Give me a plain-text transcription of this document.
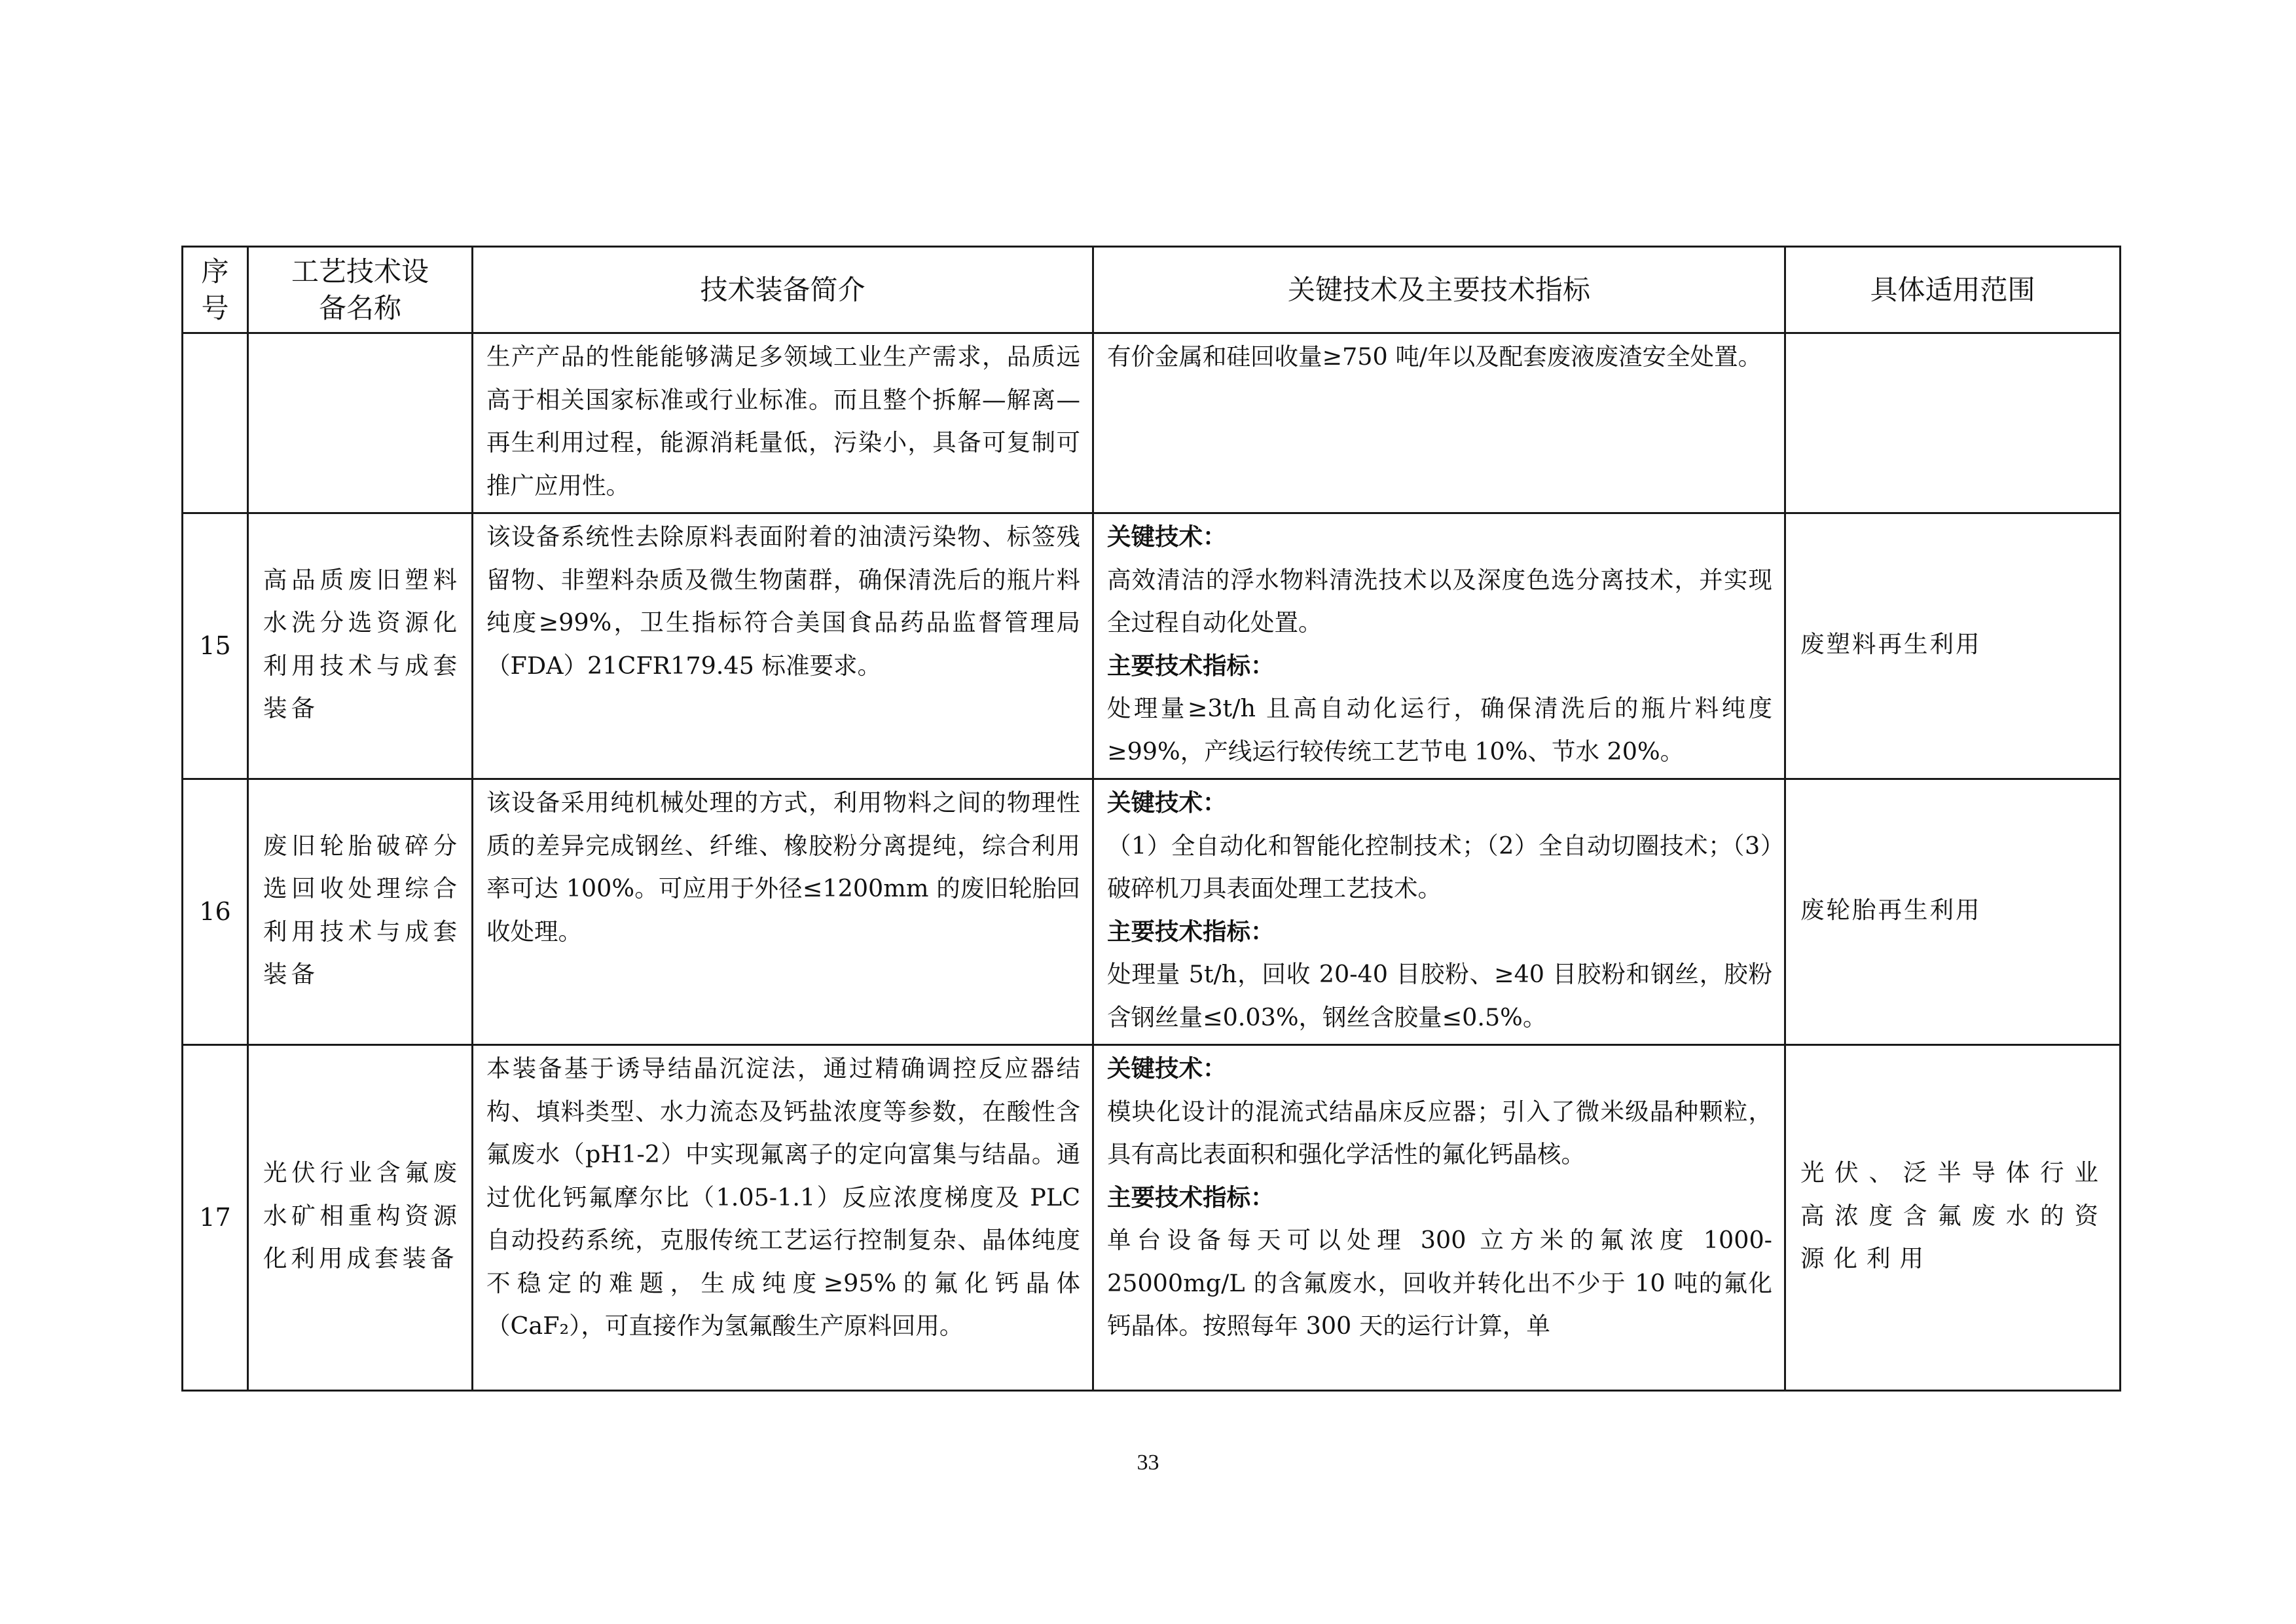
序
号	工艺技术设
备名称	技术装备简介	关键技术及主要技术指标	具体适用范围
		生产产品的性能能够满足多领域工业生产需求，品质远高于相关国家标准或行业标准。而且整个拆解—解离—再生利用过程，能源消耗量低，污染小，具备可复制可推广应用性。	有价金属和硅回收量≥750 吨/年以及配套废液废渣安全处置。	

15	高品质废旧塑料水洗分选资源化利用技术与成套装备	该设备系统性去除原料表面附着的油渍污染物、标签残留物、非塑料杂质及微生物菌群，确保清洗后的瓶片料纯度≥99%，卫生指标符合美国食品药品监督管理局（FDA）21CFR179.45 标准要求。	关键技术：
高效清洁的浮水物料清洗技术以及深度色选分离技术，并实现全过程自动化处置。
主要技术指标：
处理量≥3t/h 且高自动化运行，确保清洗后的瓶片料纯度≥99%，产线运行较传统工艺节电 10%、节水 20%。	废塑料再生利用
16	废旧轮胎破碎分选回收处理综合利用技术与成套装备	该设备采用纯机械处理的方式，利用物料之间的物理性质的差异完成钢丝、纤维、橡胶粉分离提纯，综合利用率可达 100%。可应用于外径≤1200mm 的废旧轮胎回收处理。	关键技术：
（1）全自动化和智能化控制技术；（2）全自动切圈技术；（3）破碎机刀具表面处理工艺技术。
主要技术指标：
处理量 5t/h，回收 20-40 目胶粉、≥40 目胶粉和钢丝，胶粉含钢丝量≤0.03%，钢丝含胶量≤0.5%。	废轮胎再生利用
17	光伏行业含氟废水矿相重构资源化利用成套装备	本装备基于诱导结晶沉淀法，通过精确调控反应器结构、填料类型、水力流态及钙盐浓度等参数，在酸性含氟废水（pH1-2）中实现氟离子的定向富集与结晶。通过优化钙氟摩尔比（1.05-1.1）反应浓度梯度及 PLC 自动投药系统，克服传统工艺运行控制复杂、晶体纯度不稳定的难题，生成纯度≥95%的氟化钙晶体（CaF₂），可直接作为氢氟酸生产原料回用。	关键技术：
模块化设计的混流式结晶床反应器；引入了微米级晶种颗粒，具有高比表面积和强化学活性的氟化钙晶核。
主要技术指标：
单台设备每天可以处理 300 立方米的氟浓度 1000-25000mg/L 的含氟废水，回收并转化出不少于 10 吨的氟化钙晶体。按照每年 300 天的运行计算，单	光伏、泛半导体行业高浓度含氟废水的资源化利用
33
